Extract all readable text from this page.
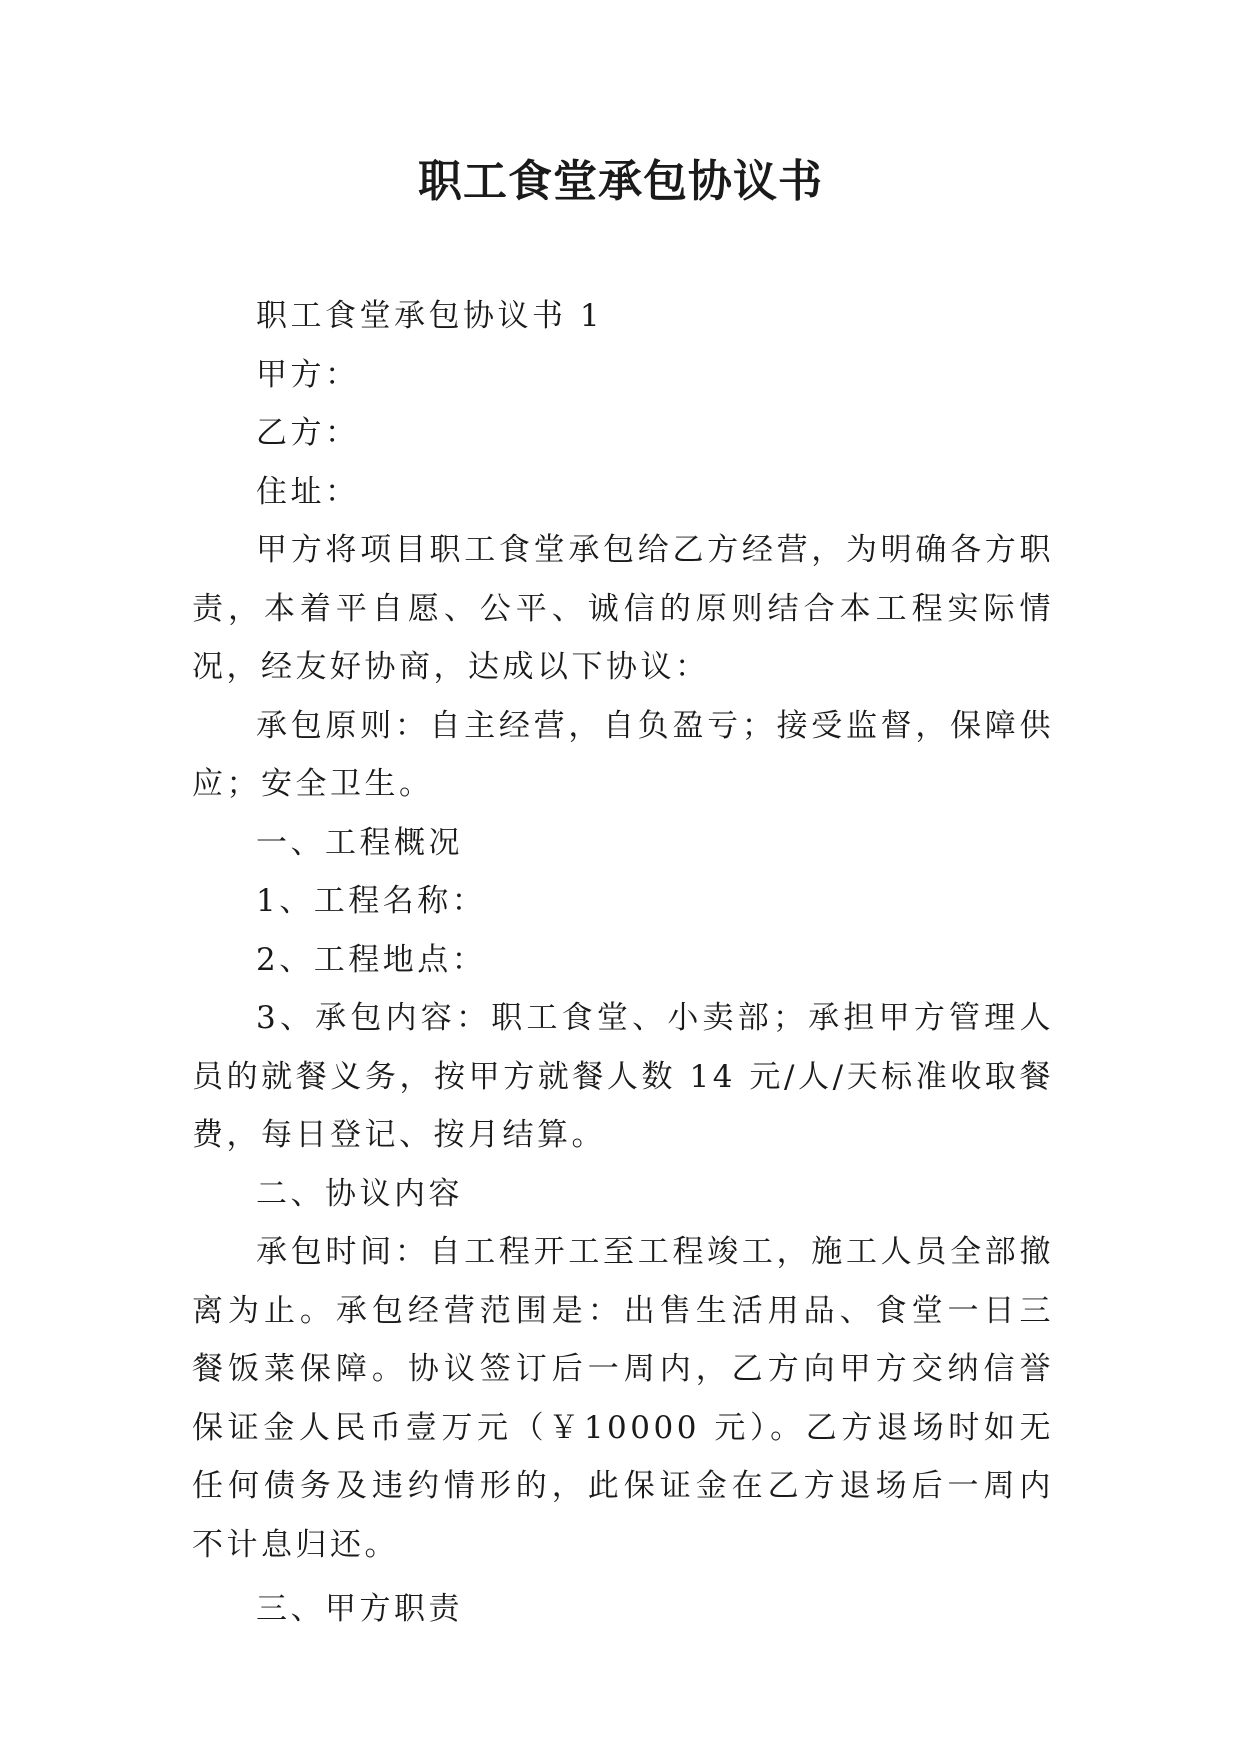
职工食堂承包协议书

职工食堂承包协议书 1

甲方：

乙方：

住址：

甲方将项目职工食堂承包给乙方经营，为明确各方职责，本着平自愿、公平、诚信的原则结合本工程实际情况，经友好协商，达成以下协议：

承包原则：自主经营，自负盈亏；接受监督，保障供应；安全卫生。

一、工程概况

1、工程名称：

2、工程地点：

3、承包内容：职工食堂、小卖部；承担甲方管理人员的就餐义务，按甲方就餐人数 14 元/人/天标准收取餐费，每日登记、按月结算。

二、协议内容

承包时间：自工程开工至工程竣工，施工人员全部撤离为止。承包经营范围是：出售生活用品、食堂一日三餐饭菜保障。协议签订后一周内，乙方向甲方交纳信誉保证金人民币壹万元（￥10000 元）。乙方退场时如无任何债务及违约情形的，此保证金在乙方退场后一周内不计息归还。

三、甲方职责
